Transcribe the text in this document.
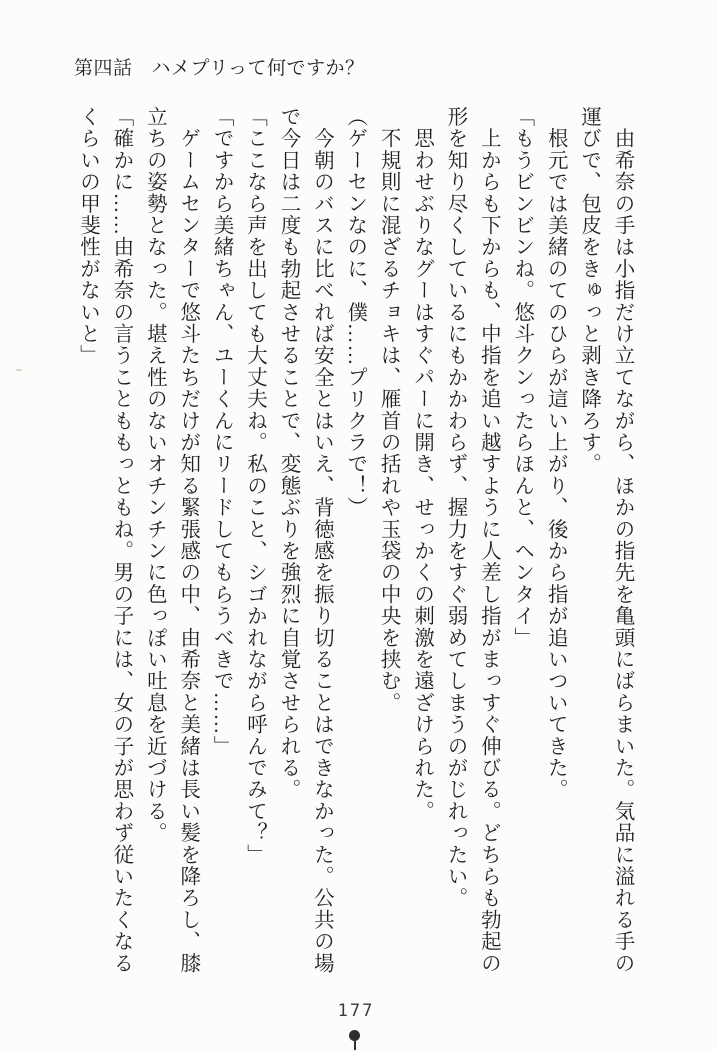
第四話 ハメプリって何ですか？

　由希奈の手は小指だけ立てながら、ほかの指先を亀頭にばらまいた。気品に溢れる手の運びで、包皮をきゅっと剥き降ろす。

　根元では美緒のてのひらが這い上がり、後から指が追いついてきた。

「もうビンビンね。悠斗クンったらほんと、ヘンタイ」

　上からも下からも、中指を追い越すように人差し指がまっすぐ伸びる。どちらも勃起の形を知り尽くしているにもかかわらず、握力をすぐ弱めてしまうのがじれったい。

　思わせぶりなグーはすぐパーに開き、せっかくの刺激を遠ざけられた。

　不規則に混ざるチョキは、雁首の括れや玉袋の中央を挟む。

（ゲーセンなのに、僕……プリクラで！）

　今朝のバスに比べれば安全とはいえ、背徳感を振り切ることはできなかった。公共の場で今日は二度も勃起させることで、変態ぶりを強烈に自覚させられる。

「ここなら声を出しても大丈夫ね。私のこと、シゴかれながら呼んでみて？」

「ですから美緒ちゃん、ユーくんにリードしてもらうべきで……」

　ゲームセンターで悠斗たちだけが知る緊張感の中、由希奈と美緒は長い髪を降ろし、膝立ちの姿勢となった。堪え性のないオチンチンに色っぽい吐息を近づける。

「確かに……由希奈の言うことももっともね。男の子には、女の子が思わず従いたくなるくらいの甲斐性がないと」

177
